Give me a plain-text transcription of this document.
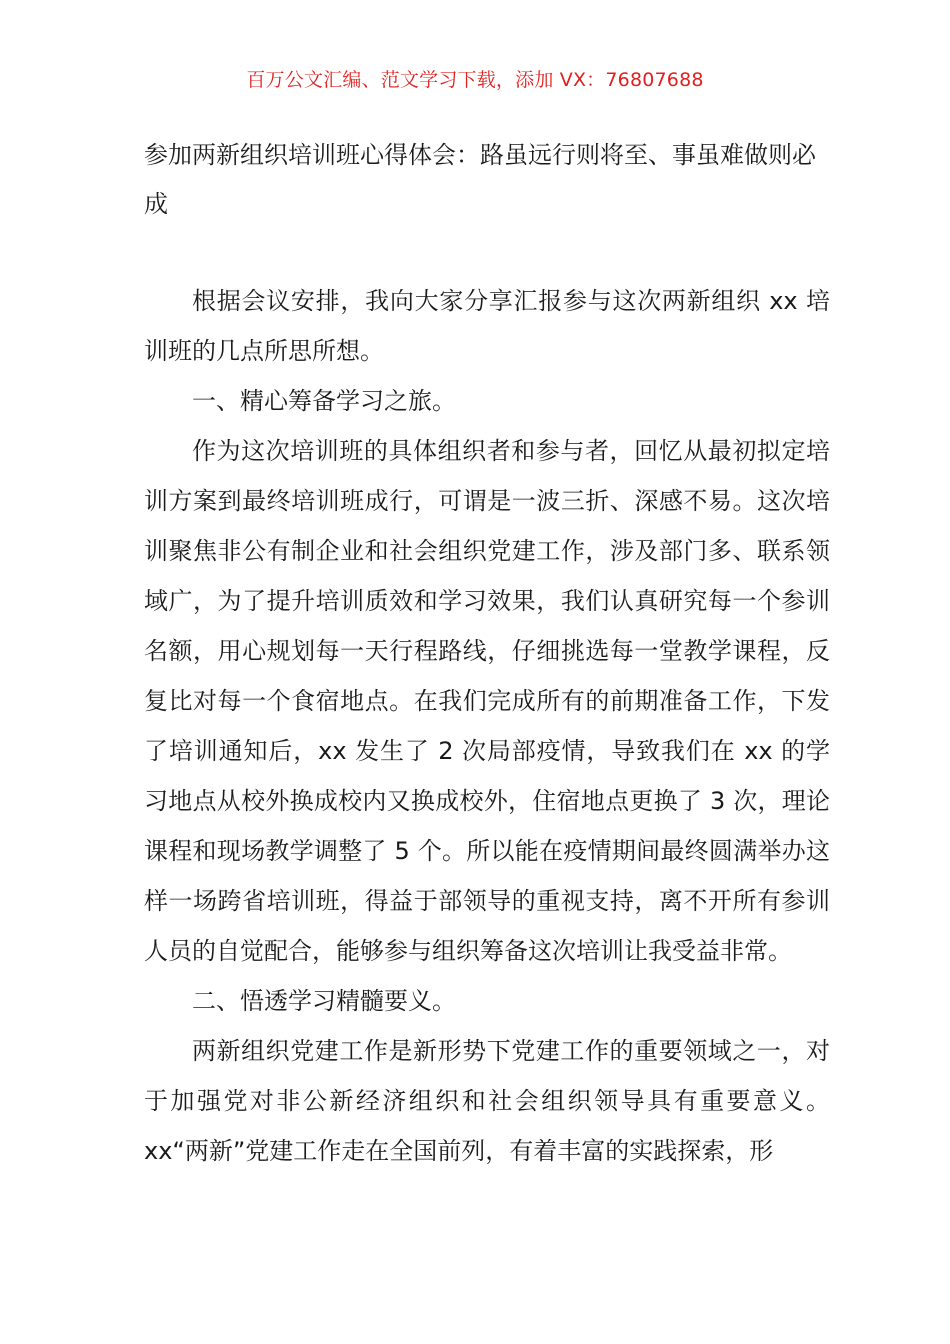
百万公文汇编、范文学习下载，添加 VX：76807688
参加两新组织培训班心得体会：路虽远行则将至、事虽难做则必成

根据会议安排，我向大家分享汇报参与这次两新组织 xx 培训班的几点所思所想。

一、精心筹备学习之旅。

作为这次培训班的具体组织者和参与者，回忆从最初拟定培训方案到最终培训班成行，可谓是一波三折、深感不易。这次培训聚焦非公有制企业和社会组织党建工作，涉及部门多、联系领域广，为了提升培训质效和学习效果，我们认真研究每一个参训名额，用心规划每一天行程路线，仔细挑选每一堂教学课程，反复比对每一个食宿地点。在我们完成所有的前期准备工作，下发了培训通知后，xx 发生了 2 次局部疫情，导致我们在 xx 的学习地点从校外换成校内又换成校外，住宿地点更换了 3 次，理论课程和现场教学调整了 5 个。所以能在疫情期间最终圆满举办这样一场跨省培训班，得益于部领导的重视支持，离不开所有参训人员的自觉配合，能够参与组织筹备这次培训让我受益非常。

二、悟透学习精髓要义。

两新组织党建工作是新形势下党建工作的重要领域之一，对于加强党对非公新经济组织和社会组织领导具有重要意义。xx“两新”党建工作走在全国前列，有着丰富的实践探索，形
